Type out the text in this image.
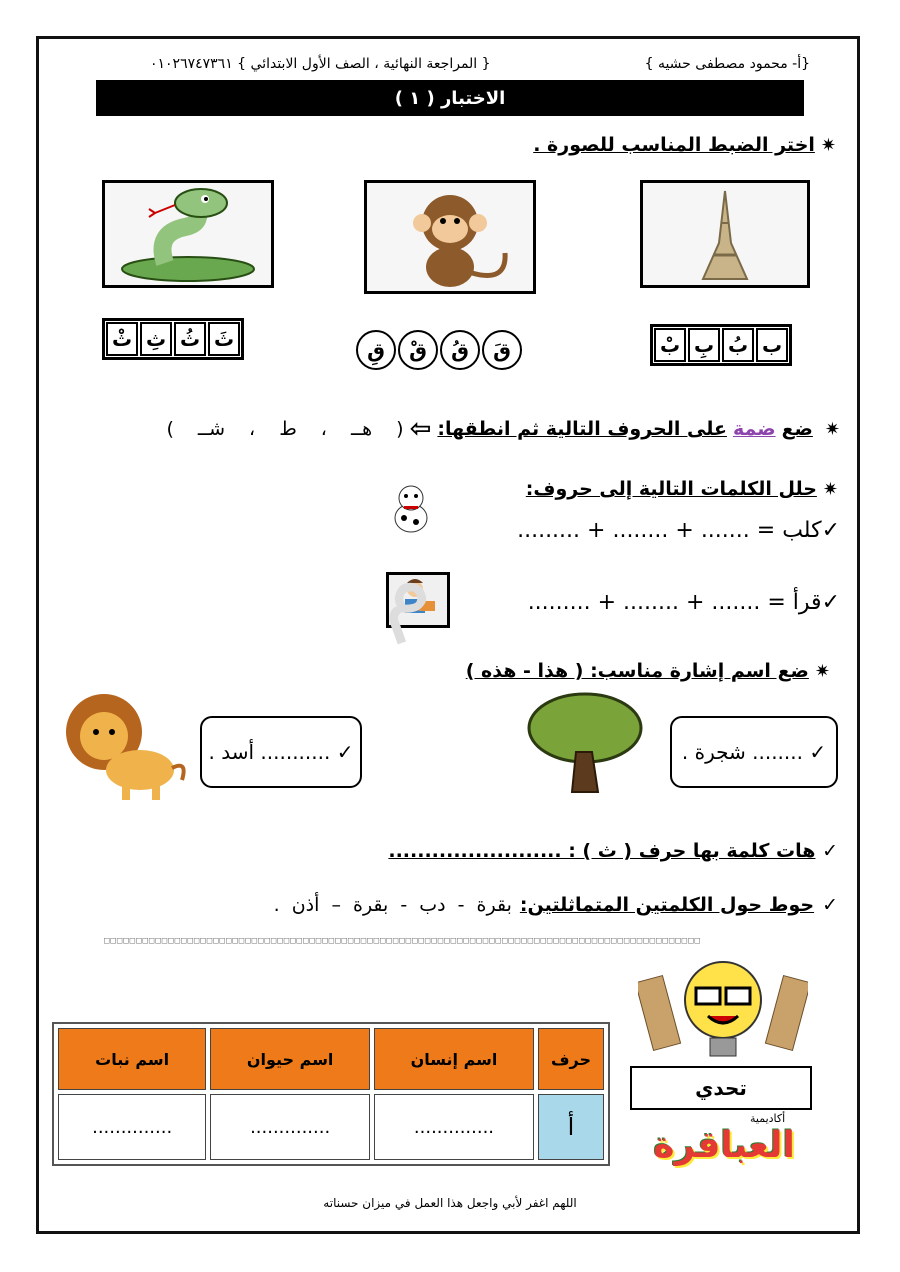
{أ- محمود مصطفى حشيه }
{ المراجعة النهائية ، الصف الأول الابتدائي } ٠١٠٢٦٧٤٧٣٦١
الاختبار ( ١ )
✷اختر الضبط المناسب للصورة .
ب
بُ
بِ
بْ
قَ
قُ
قْ
قِ
ثَ
ثُ
ثِ
ثْ
✷
ضع
ضمة
على الحروف التالية ثم انطقها:
⇦
( هــ ، ط ، شــ )
✷حلل الكلمات التالية إلى حروف:
✓كلب = ....... + ........ + .........
✓قرأ = ....... + ........ + .........
م
✷ضع اسم إشارة مناسب: ( هذا - هذه )
✓

........ شجرة .
✓

........... أسد .
✓ هات كلمة بها حرف ( ث ) : ........................
✓
حوط حول الكلمتين المتماثلتين:
بقرة - دب - بقرة – أذن .
□□□□□□□□□□□□□□□□□□□□□□□□□□□□□□□□□□□□□□□□□□□□□□□□□□□□□□□□□□□□□□□□□□□□□□□□□□□□□□□□□□□□□□□□□□□□□
تحدي
أكاديمية
العباقرة
حرف	اسم إنسان	اسم حيوان	اسم نبات
أ	..............	..............	..............
اللهم اغفر لأبي واجعل هذا العمل في ميزان حسناته
